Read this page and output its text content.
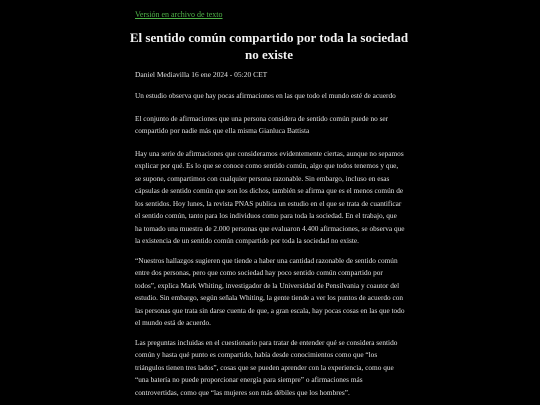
Versión en archivo de texto
El sentido común compartido por toda la sociedad no existe
Daniel Mediavilla 16 ene 2024 - 05:20 CET

Un estudio observa que hay pocas afirmaciones en las que todo el mundo esté de acuerdo

El conjunto de afirmaciones que una persona considera de sentido común puede no ser compartido por nadie más que ella misma Gianluca Battista

Hay una serie de afirmaciones que consideramos evidentemente ciertas, aunque no sepamos explicar por qué. Es lo que se conoce como sentido común, algo que todos tenemos y que, se supone, compartimos con cualquier persona razonable. Sin embargo, incluso en esas cápsulas de sentido común que son los dichos, también se afirma que es el menos común de los sentidos. Hoy lunes, la revista PNAS publica un estudio en el que se trata de cuantificar el sentido común, tanto para los individuos como para toda la sociedad. En el trabajo, que ha tomado una muestra de 2.000 personas que evaluaron 4.400 afirmaciones, se observa que la existencia de un sentido común compartido por toda la sociedad no existe.

“Nuestros hallazgos sugieren que tiende a haber una cantidad razonable de sentido común entre dos personas, pero que como sociedad hay poco sentido común compartido por todos”, explica Mark Whiting, investigador de la Universidad de Pensilvania y coautor del estudio. Sin embargo, según señala Whiting, la gente tiende a ver los puntos de acuerdo con las personas que trata sin darse cuenta de que, a gran escala, hay pocas cosas en las que todo el mundo está de acuerdo.

Las preguntas incluidas en el cuestionario para tratar de entender qué se considera sentido común y hasta qué punto es compartido, había desde conocimientos como que “los triángulos tienen tres lados”, cosas que se pueden aprender con la experiencia, como que “una batería no puede proporcionar energía para siempre” o afirmaciones más controvertidas, como que “las mujeres son más débiles que los hombres”.
